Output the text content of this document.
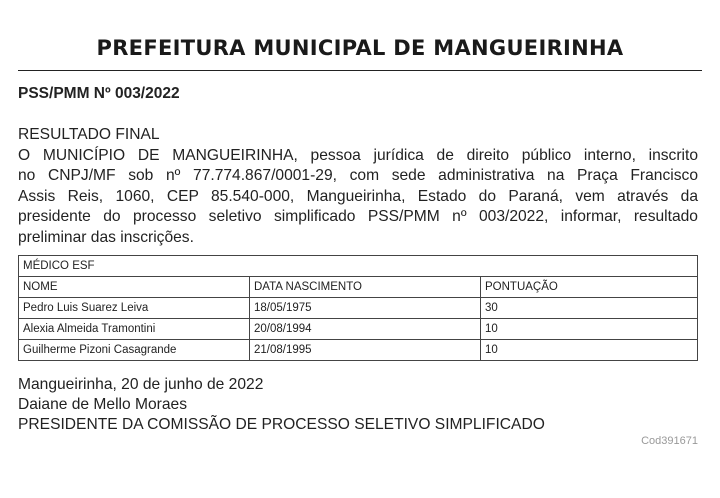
PREFEITURA MUNICIPAL DE MANGUEIRINHA
PSS/PMM Nº 003/2022

RESULTADO FINAL

O MUNICÍPIO DE MANGUEIRINHA, pessoa jurídica de direito público interno, inscrito

no CNPJ/MF sob nº 77.774.867/0001-29, com sede administrativa na Praça Francisco

Assis Reis, 1060, CEP 85.540-000, Mangueirinha, Estado do Paraná, vem através da

presidente do processo seletivo simplificado PSS/PMM nº 003/2022, informar, resultado

preliminar das inscrições.

MÉDICO ESF		
NOME	DATA NASCIMENTO	PONTUAÇÃO
Pedro Luis Suarez Leiva	18/05/1975	30
Alexia Almeida Tramontini	20/08/1994	10
Guilherme Pizoni Casagrande	21/08/1995	10
Mangueirinha, 20 de junho de 2022
Daiane de Mello Moraes
PRESIDENTE DA COMISSÃO DE PROCESSO SELETIVO SIMPLIFICADO
Cod391671
